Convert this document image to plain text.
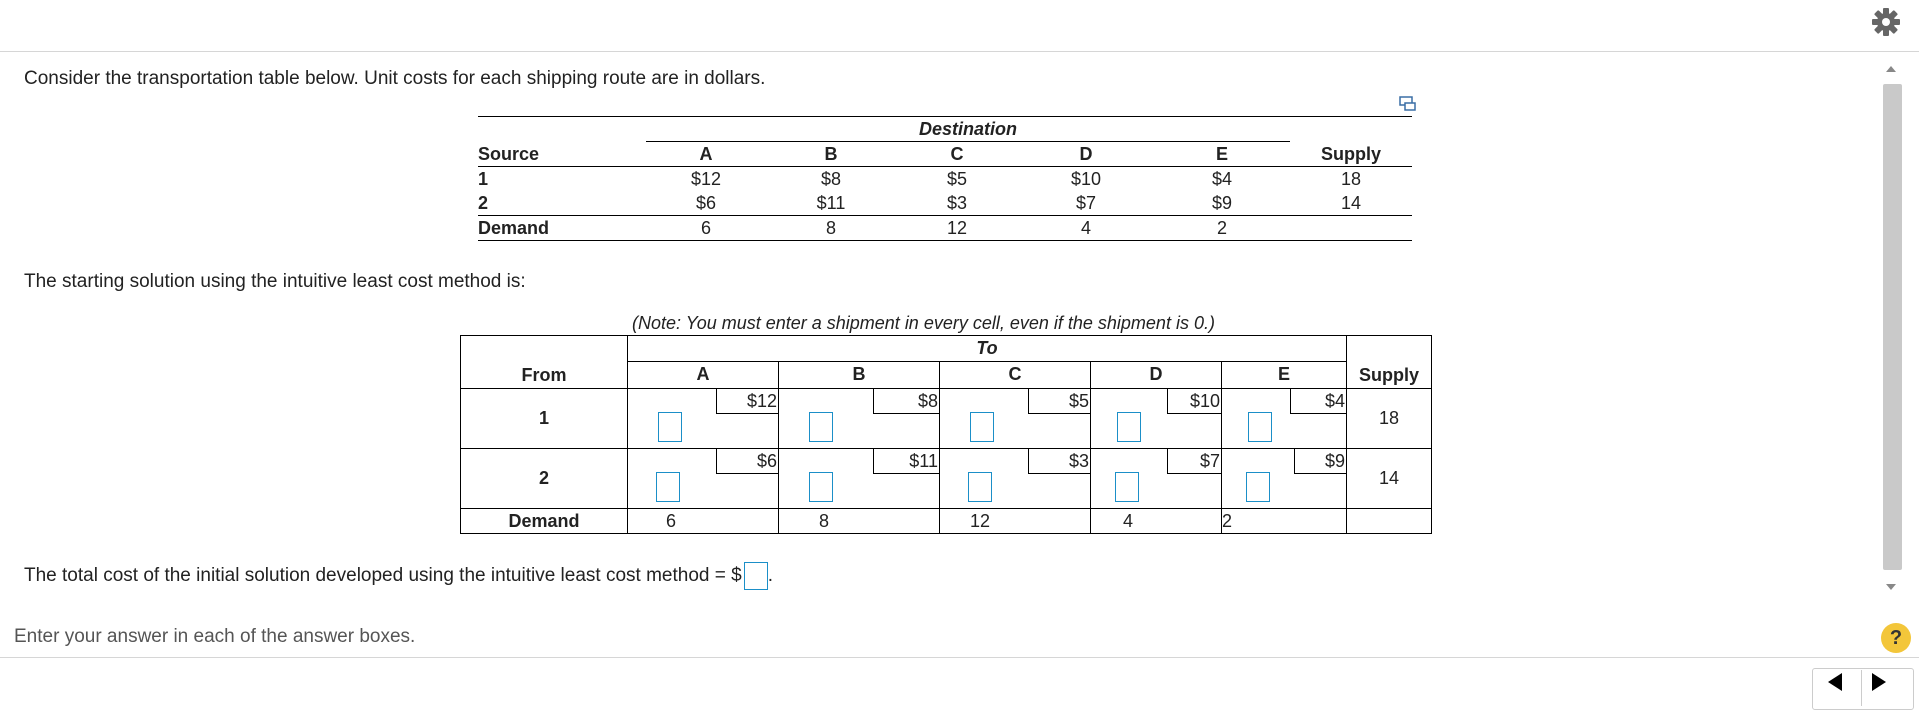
Consider the transportation table below. Unit costs for each shipping route are in dollars.
	Destination					
Source	A	B	C	D	E	Supply
1	$12	$8	$5	$10	$4	18
2	$6	$11	$3	$7	$9	14
Demand	6	8	12	4	2	
The starting solution using the intuitive least cost method is:
(Note: You must enter a shipment in every cell, even if the shipment is 0.)
From	To					Supply
	A	B	C	D	E	
1	$12	$8	$5	$10	$4	18
2	$6	$11	$3	$7	$9	14
Demand	6	8	12	4	2	
The total cost of the initial solution developed using the intuitive least cost method = $ .
Enter your answer in each of the answer boxes.	?
